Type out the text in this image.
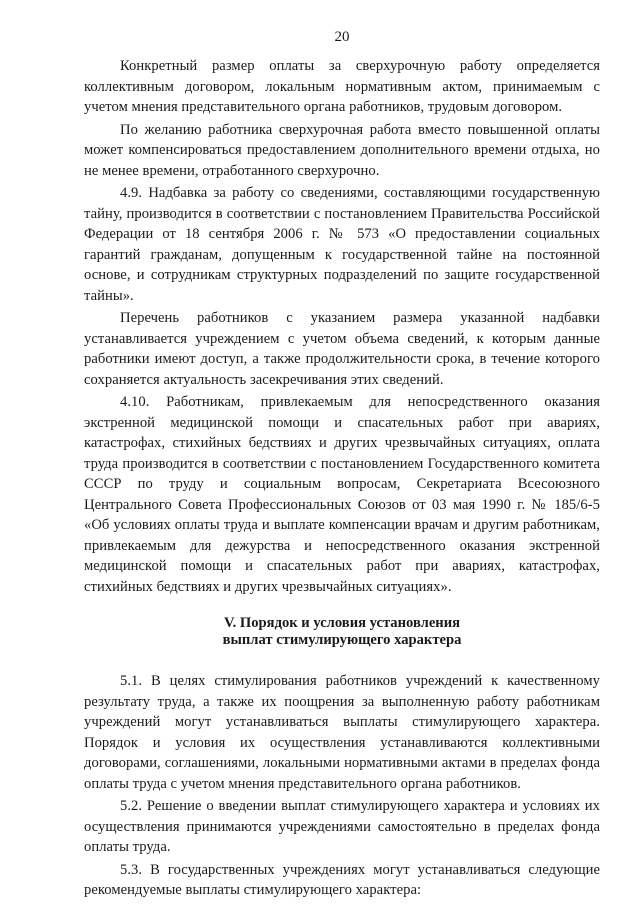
20

Конкретный размер оплаты за сверхурочную работу определяется коллективным договором, локальным нормативным актом, принимаемым с учетом мнения представительного органа работников, трудовым договором.

По желанию работника сверхурочная работа вместо повышенной оплаты может компенсироваться предоставлением дополнительного времени отдыха, но не менее времени, отработанного сверхурочно.

4.9. Надбавка за работу со сведениями, составляющими государственную тайну, производится в соответствии с постановлением Правительства Российской Федерации от 18 сентября 2006 г. № 573 «О предоставлении социальных гарантий гражданам, допущенным к государственной тайне на постоянной основе, и сотрудникам структурных подразделений по защите государственной тайны».

Перечень работников с указанием размера указанной надбавки устанавливается учреждением с учетом объема сведений, к которым данные работники имеют доступ, а также продолжительности срока, в течение которого сохраняется актуальность засекречивания этих сведений.

4.10. Работникам, привлекаемым для непосредственного оказания экстренной медицинской помощи и спасательных работ при авариях, катастрофах, стихийных бедствиях и других чрезвычайных ситуациях, оплата труда производится в соответствии с постановлением Государственного комитета СССР по труду и социальным вопросам, Секретариата Всесоюзного Центрального Совета Профессиональных Союзов от 03 мая 1990 г. № 185/6-5 «Об условиях оплаты труда и выплате компенсации врачам и другим работникам, привлекаемым для дежурства и непосредственного оказания экстренной медицинской помощи и спасательных работ при авариях, катастрофах, стихийных бедствиях и других чрезвычайных ситуациях».

V. Порядок и условия установления
выплат стимулирующего характера

5.1. В целях стимулирования работников учреждений к качественному результату труда, а также их поощрения за выполненную работу работникам учреждений могут устанавливаться выплаты стимулирующего характера. Порядок и условия их осуществления устанавливаются коллективными договорами, соглашениями, локальными нормативными актами в пределах фонда оплаты труда с учетом мнения представительного органа работников.

5.2. Решение о введении выплат стимулирующего характера и условиях их осуществления принимаются учреждениями самостоятельно в пределах фонда оплаты труда.

5.3. В государственных учреждениях могут устанавливаться следующие рекомендуемые выплаты стимулирующего характера:
